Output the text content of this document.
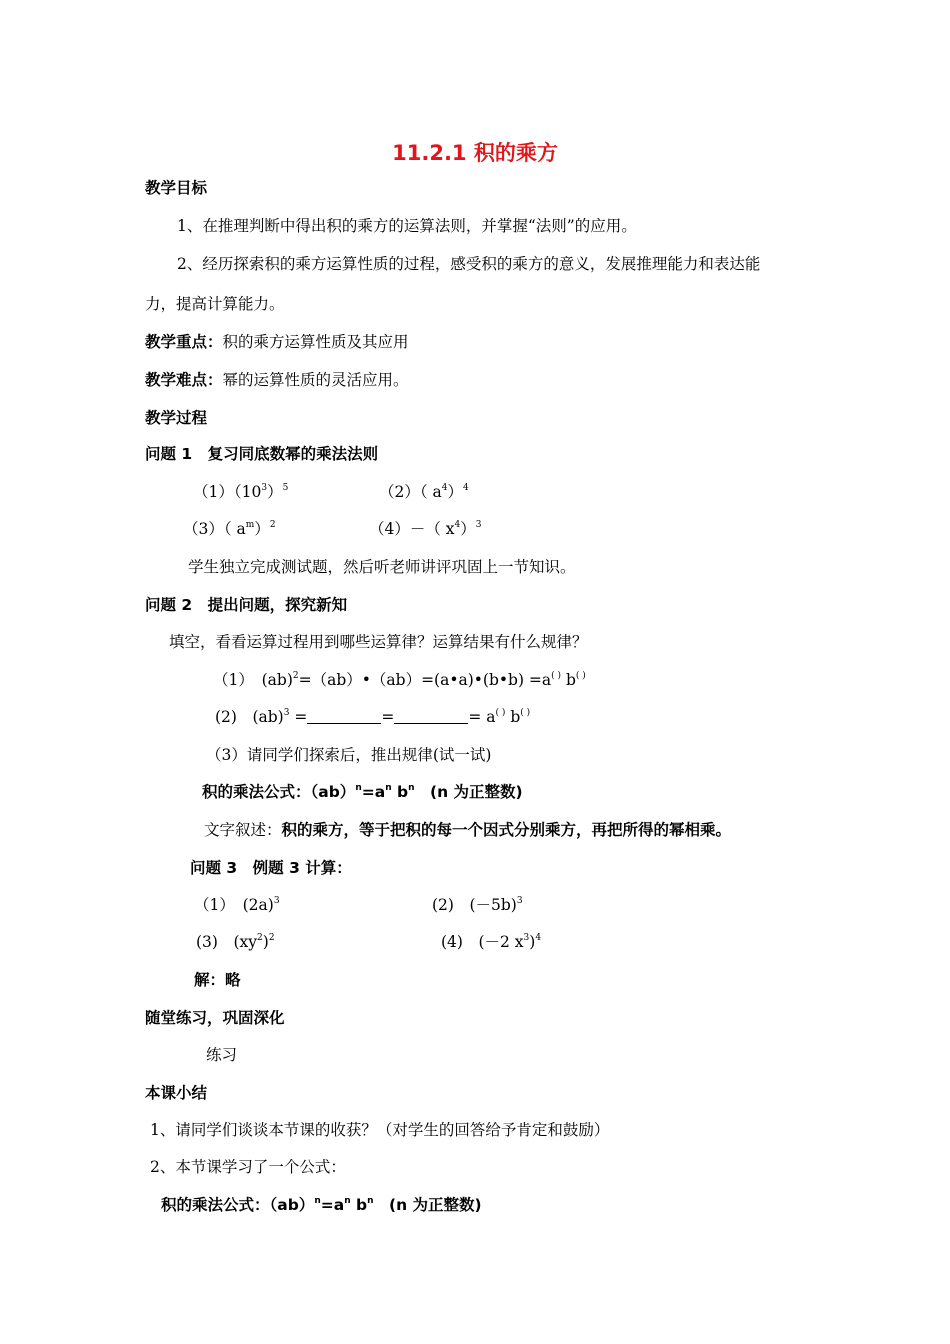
11.2.1 积的乘方
教学目标
1、在推理判断中得出积的乘方的运算法则，并掌握“法则”的应用。
2、经历探索积的乘方运算性质的过程，感受积的乘方的意义，发展推理能力和表达能
力，提高计算能力。
教学重点：积的乘方运算性质及其应用
教学难点：幂的运算性质的灵活应用。
教学过程
问题 1　复习同底数幂的乘法法则
$(1)(10^3)^5$	（2）（ $a^4)^4$
（3）（ $a^m)^2$	（4）－（ $x^4)^3$
学生独立完成测试题，然后听老师讲评巩固上一节知识。
问题 2　提出问题，探究新知
填空，看看运算过程用到哪些运算律？运算结果有什么规律？
（1）　(ab)$^2$=（ab）•（ab）=(a•a)•(b•b) =a( ) b( )
(2)　(ab)$^3$ =	=	= a( ) b( )
（3）请同学们探索后，推出规律(试一试)
积的乘法公式：$(ab)^n=a^n$ $b^n$　(n 为正整数)
文字叙述：积的乘方，等于把积的每一个因式分别乘方，再把所得的幂相乘。
问题 3　例题 3 计算：
（1）　$(2a)^3$	(2)　$(-5b)^3$
(3)　$(xy^2)^2$	(4)　(－2 $x^3)^4$
解：略
随堂练习，巩固深化
练习
本课小结
1、请同学们谈谈本节课的收获？（对学生的回答给予肯定和鼓励）
2、本节课学习了一个公式：
积的乘法公式：$(ab)^n=a^n$ $b^n$　(n 为正整数)
